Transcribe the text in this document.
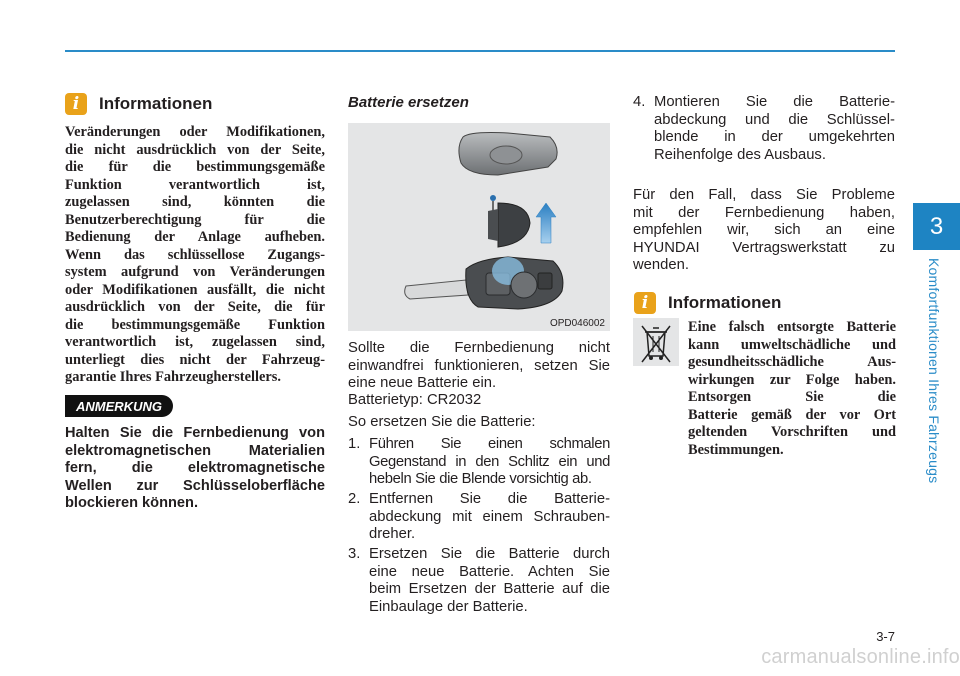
3
Komfortfunktionen Ihres Fahrzeugs
i	Informationen
Veränderungen oder Modifikationen,
die nicht ausdrücklich von der Seite,
die für die bestimmungsgemäße
Funktion verantwortlich ist,
zugelassen sind, könnten die
Benutzerberechtigung für die
Bedienung der Anlage aufheben.
Wenn das schlüssellose Zugangs-
system aufgrund von Veränderungen
oder Modifikationen ausfällt, die nicht
ausdrücklich von der Seite, die für
die bestimmungsgemäße Funktion
verantwortlich ist, zugelassen sind,
unterliegt dies nicht der Fahrzeug-
garantie Ihres Fahrzeugherstellers.
ANMERKUNG
Halten Sie die Fernbedienung von
elektromagnetischen Materialien
fern, die elektromagnetische
Wellen zur Schlüsseloberfläche
blockieren können.
Batterie ersetzen
OPD046002
Sollte die Fernbedienung nicht
einwandfrei funktionieren, setzen Sie
eine neue Batterie ein.
Batterietyp: CR2032
So ersetzen Sie die Batterie:
1. Führen Sie einen schmalen
Gegenstand in den Schlitz ein und
hebeln Sie die Blende vorsichtig ab.
2. Entfernen Sie die Batterie-
abdeckung mit einem Schrauben-
dreher.
3. Ersetzen Sie die Batterie durch
eine neue Batterie. Achten Sie
beim Ersetzen der Batterie auf die
Einbaulage der Batterie.
4. Montieren Sie die Batterie-
abdeckung und die Schlüssel-
blende in der umgekehrten
Reihenfolge des Ausbaus.
Für den Fall, dass Sie Probleme
mit der Fernbedienung haben,
empfehlen wir, sich an eine
HYUNDAI Vertragswerkstatt zu
wenden.
i	Informationen
Eine falsch entsorgte Batterie
kann umweltschädliche und
gesundheitsschädliche Aus-
wirkungen zur Folge haben.
Entsorgen Sie die
Batterie gemäß der vor Ort
geltenden Vorschriften und
Bestimmungen.
3-7
carmanualsonline.info
